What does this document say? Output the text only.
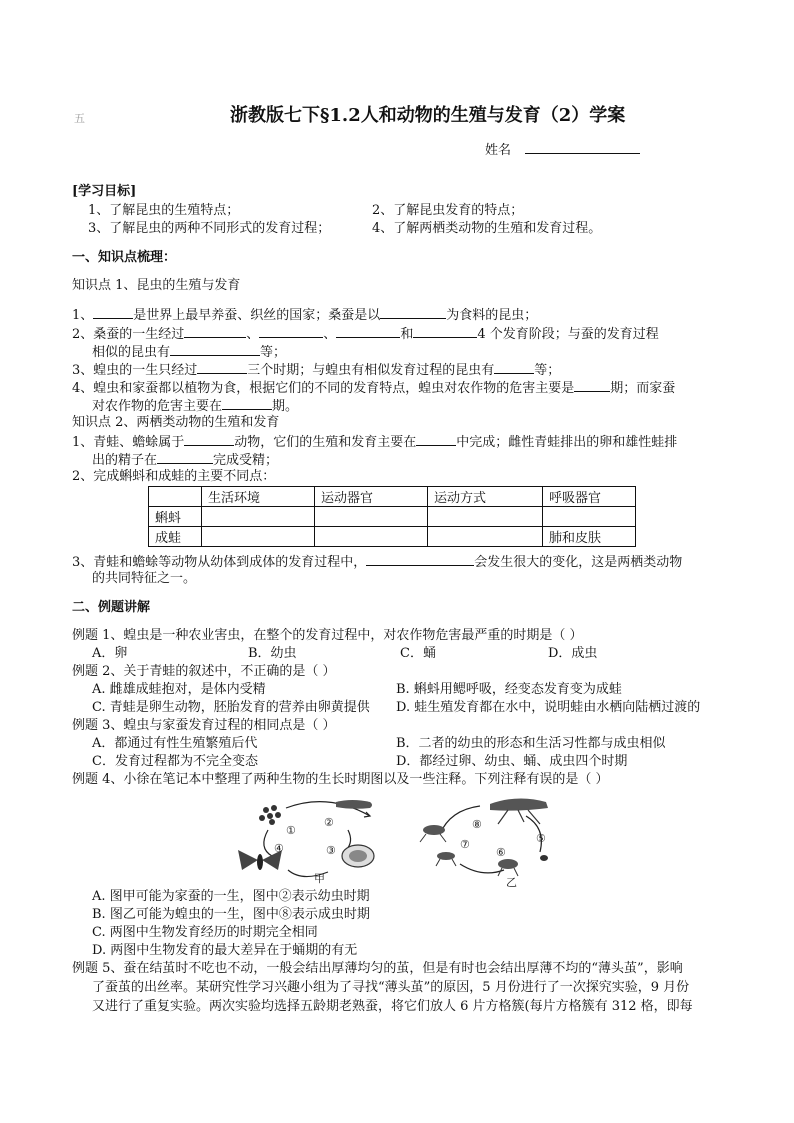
五	浙教版七下§1.2人和动物的生殖与发育（2）学案
姓名
[学习目标]
1、了解昆虫的生殖特点；	2、了解昆虫发育的特点；
3、了解昆虫的两种不同形式的发育过程；	4、了解两栖类动物的生殖和发育过程。
一、知识点梳理：
知识点 1、昆虫的生殖与发育
1、	是世界上最早养蚕、织丝的国家；桑蚕是以	为食料的昆虫；
2、桑蚕的一生经过	、	、	和	4 个发育阶段；与蚕的发育过程
相似的昆虫有	等；
3、蝗虫的一生只经过	三个时期；与蝗虫有相似发育过程的昆虫有	等；
4、蝗虫和家蚕都以植物为食，根据它们的不同的发育特点，蝗虫对农作物的危害主要是	期；而家蚕
对农作物的危害主要在	期。
知识点 2、两栖类动物的生殖和发育
1、青蛙、蟾蜍属于	动物，它们的生殖和发育主要在	中完成；雌性青蛙排出的卵和雄性蛙排
出的精子在	完成受精；
2、完成蝌蚪和成蛙的主要不同点：
	生活环境	运动器官	运动方式	呼吸器官
蝌蚪				
成蛙				肺和皮肤
3、青蛙和蟾蜍等动物从幼体到成体的发育过程中，	会发生很大的变化，这是两栖类动物
的共同特征之一。
二、例题讲解
例题 1、蝗虫是一种农业害虫，在整个的发育过程中，对农作物危害最严重的时期是（ ）
A．卵	B．幼虫	C．蛹	D．成虫
例题 2、关于青蛙的叙述中，不正确的是（ ）
A. 雌雄成蛙抱对，是体内受精	B. 蝌蚪用鳃呼吸，经变态发育变为成蛙
C. 青蛙是卵生动物，胚胎发育的营养由卵黄提供 D. 蛙生殖发育都在水中，说明蛙由水栖向陆栖过渡的
例题 3、蝗虫与家蚕发育过程的相同点是（ ）
A．都通过有性生殖繁殖后代	B．二者的幼虫的形态和生活习性都与成虫相似
C．发育过程都为不完全变态	D．都经过卵、幼虫、蛹、成虫四个时期
例题 4、小徐在笔记本中整理了两种生物的生长时期图以及一些注释。下列注释有误的是（ ）
①
②
③
④
甲
⑧
⑤
⑥
⑦
乙
A. 图甲可能为家蚕的一生，图中②表示幼虫时期
B. 图乙可能为蝗虫的一生，图中⑧表示成虫时期
C. 两图中生物发育经历的时期完全相同
D. 两图中生物发育的最大差异在于蛹期的有无
例题 5、蚕在结茧时不吃也不动，一般会结出厚薄均匀的茧，但是有时也会结出厚薄不均的“薄头茧”，影响
了蚕茧的出丝率。某研究性学习兴趣小组为了寻找“薄头茧”的原因，5 月份进行了一次探究实验，9 月份
又进行了重复实验。两次实验均选择五龄期老熟蚕，将它们放人 6 片方格簇(每片方格簇有 312 格，即每
